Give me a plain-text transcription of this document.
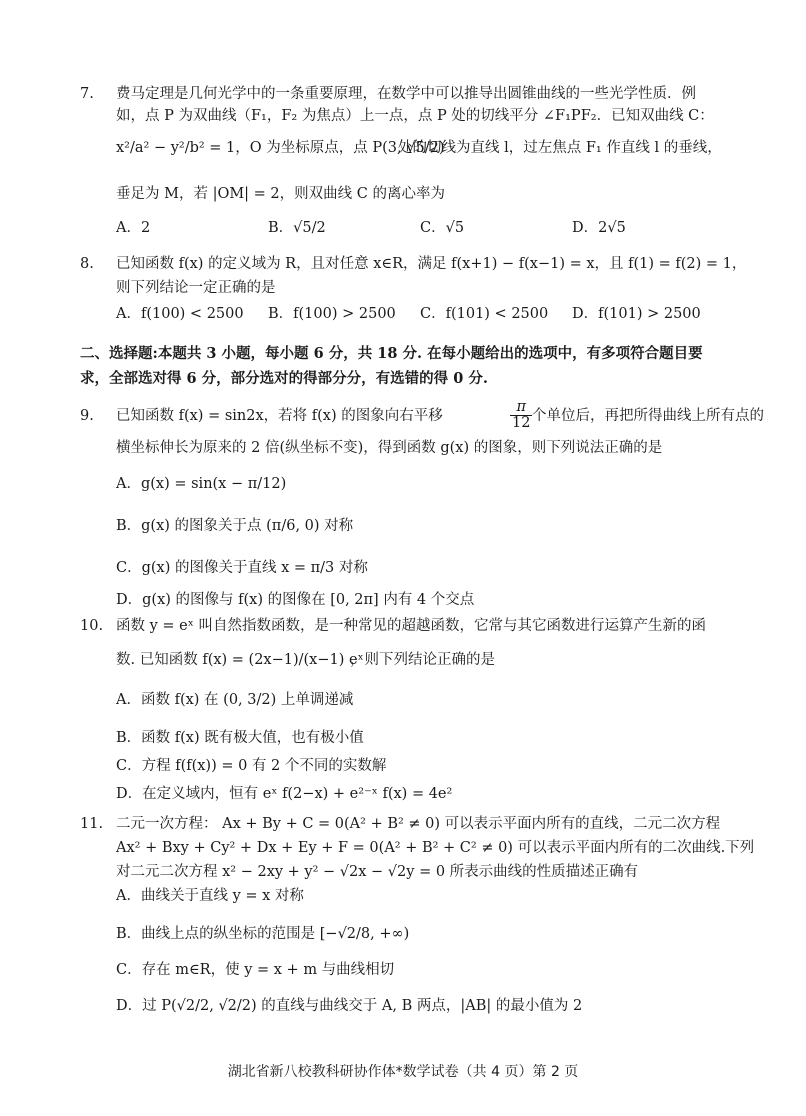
7. 费马定理是几何光学中的一条重要原理，在数学中可以推导出圆锥曲线的一些光学性质．例
如，点 P 为双曲线（F₁，F₂ 为焦点）上一点，点 P 处的切线平分 ∠F₁PF₂．已知双曲线 C：
x²/a² − y²/b² = 1，O 为坐标原点，点 P(3, √5/2)
处的切线为直线 l，过左焦点 F₁ 作直线 l 的垂线，
垂足为 M，若 |OM| = 2，则双曲线 C 的离心率为
A．2	B．√5/2	C．√5	D．2√5
8. 已知函数 f(x) 的定义域为 R，且对任意 x∈R，满足 f(x+1) − f(x−1) = x，且 f(1) = f(2) = 1，
则下列结论一定正确的是
A．f(100) < 2500 B．f(100) > 2500 C．f(101) < 2500 D．f(101) > 2500
二、选择题:本题共 3 小题，每小题 6 分，共 18 分. 在每小题给出的选项中，有多项符合题目要
求，全部选对得 6 分，部分选对的得部分分，有选错的得 0 分.
9. 已知函数 f(x) = sin2x，若将 f(x) 的图象向右平移	$\frac{\pi}{12}$ 个单位后，再把所得曲线上所有点的
横坐标伸长为原来的 2 倍(纵坐标不变)，得到函数 g(x) 的图象，则下列说法正确的是
A．g(x) = sin(x − π/12)
B．g(x) 的图象关于点 (π/6, 0) 对称
C．g(x) 的图像关于直线 x = π/3 对称
D．g(x) 的图像与 f(x) 的图像在 [0, 2π] 内有 4 个交点
10. 函数 y = eˣ 叫自然指数函数，是一种常见的超越函数，它常与其它函数进行运算产生新的函
数. 已知函数 f(x) = (2x−1)/(x−1) eˣ
，则下列结论正确的是
A．函数 f(x) 在 (0, 3/2) 上单调递减
B．函数 f(x) 既有极大值，也有极小值
C．方程 f(f(x)) = 0 有 2 个不同的实数解
D．在定义域内，恒有 eˣ f(2−x) + e²⁻ˣ f(x) = 4e²
11. 二元一次方程： Ax + By + C = 0(A² + B² ≠ 0) 可以表示平面内所有的直线，二元二次方程
Ax² + Bxy + Cy² + Dx + Ey + F = 0(A² + B² + C² ≠ 0) 可以表示平面内所有的二次曲线.下列
对二元二次方程 x² − 2xy + y² − √2x − √2y = 0 所表示曲线的性质描述正确有
A．曲线关于直线 y = x 对称
B．曲线上点的纵坐标的范围是 [−√2/8, +∞)
C．存在 m∈R，使 y = x + m 与曲线相切
D．过 P(√2/2, √2/2) 的直线与曲线交于 A, B 两点，|AB| 的最小值为 2
湖北省新八校教科研协作体*数学试卷（共 4 页）第 2 页
